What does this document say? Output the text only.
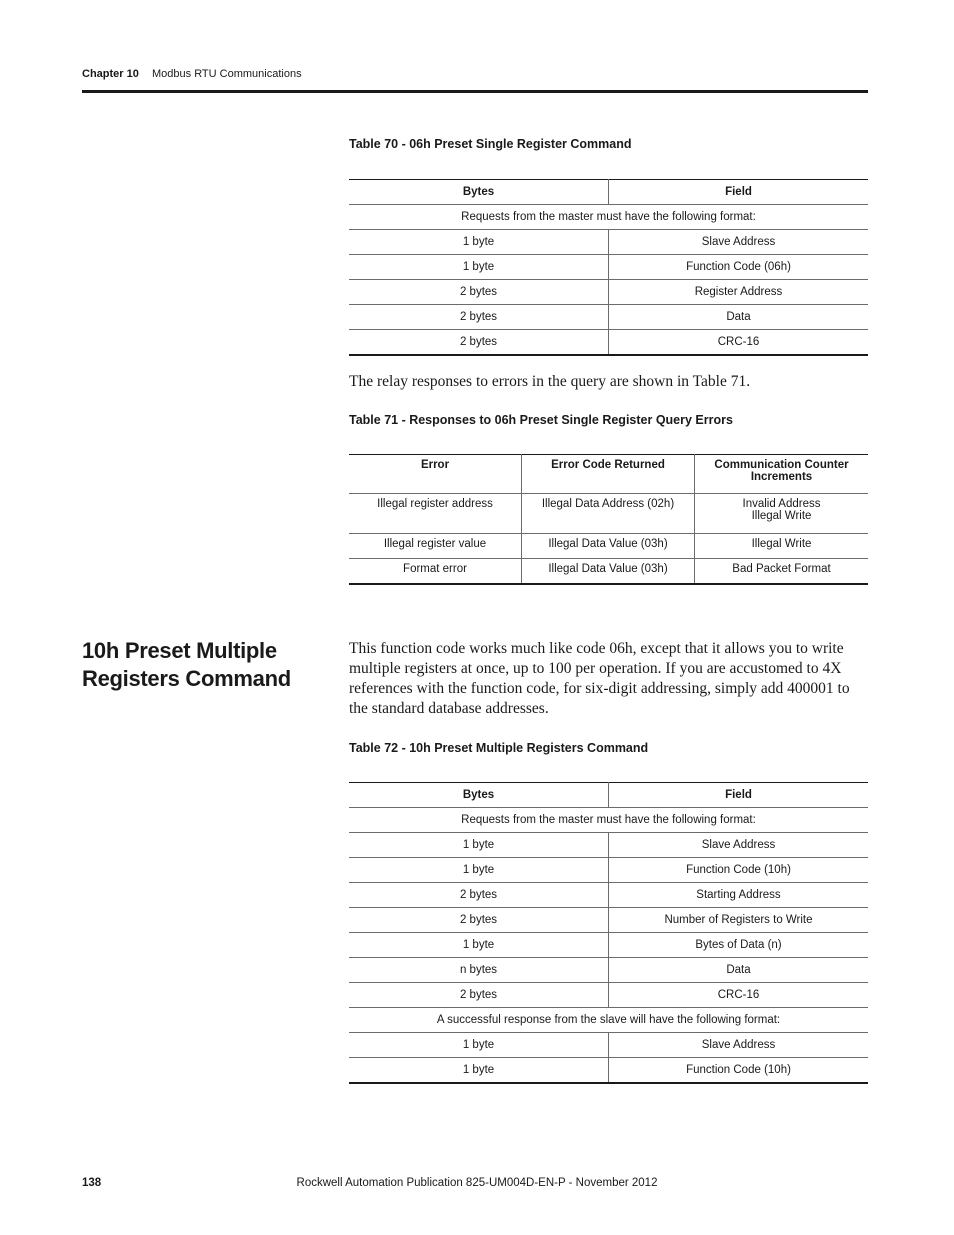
Chapter 10 Modbus RTU Communications
Table 70 - 06h Preset Single Register Command
Bytes	Field
Requests from the master must have the following format:	
1 byte	Slave Address
1 byte	Function Code (06h)
2 bytes	Register Address
2 bytes	Data
2 bytes	CRC-16
The relay responses to errors in the query are shown in Table 71.
Table 71 - Responses to 06h Preset Single Register Query Errors
Error	Error Code Returned	Communication Counter Increments
Illegal register address	Illegal Data Address (02h)	Invalid Address
Illegal Write
Illegal register value	Illegal Data Value (03h)	Illegal Write
Format error	Illegal Data Value (03h)	Bad Packet Format
10h Preset Multiple Registers Command
This function code works much like code 06h, except that it allows you to write multiple registers at once, up to 100 per operation. If you are accustomed to 4X references with the function code, for six-digit addressing, simply add 400001 to the standard database addresses.
Table 72 - 10h Preset Multiple Registers Command
Bytes	Field
Requests from the master must have the following format:	
1 byte	Slave Address
1 byte	Function Code (10h)
2 bytes	Starting Address
2 bytes	Number of Registers to Write
1 byte	Bytes of Data (n)
n bytes	Data
2 bytes	CRC-16
A successful response from the slave will have the following format:	
1 byte	Slave Address
1 byte	Function Code (10h)
Rockwell Automation Publication 825-UM004D-EN-P - November 2012
138
